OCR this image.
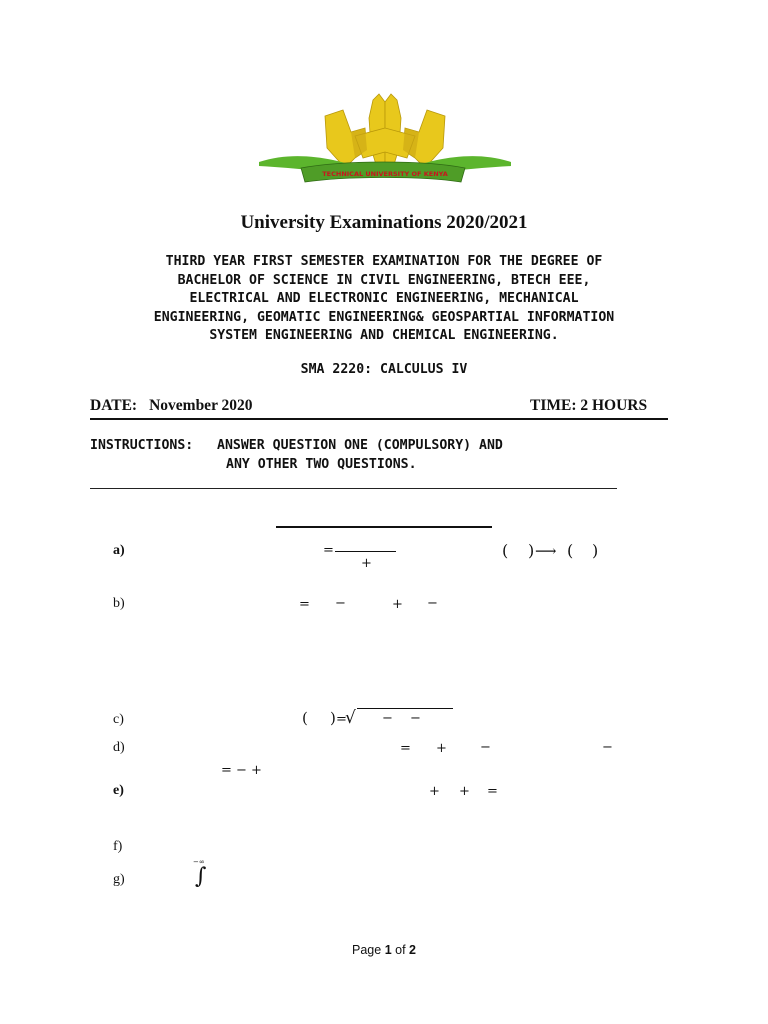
TECHNICAL UNIVERSITY OF KENYA
University Examinations 2020/2021
THIRD YEAR FIRST SEMESTER EXAMINATION FOR THE DEGREE OF
BACHELOR OF SCIENCE IN CIVIL ENGINEERING, BTECH EEE,
ELECTRICAL AND ELECTRONIC ENGINEERING, MECHANICAL
ENGINEERING, GEOMATIC ENGINEERING& GEOSPARTIAL INFORMATION
SYSTEM ENGINEERING AND CHEMICAL ENGINEERING.
SMA 2220: CALCULUS IV
DATE: November 2020	TIME: 2 HOURS
INSTRUCTIONS: ANSWER QUESTION ONE (COMPULSORY) AND
ANY OTHER TWO QUESTIONS.
a)	=
+
( ) ⟶ ( )
b)	= −	+ −
c)	( ) =
√ − −
d)	= +	−	−
= − +
e)	+ + =
f)
g)
−∞
∫
Page 1 of 2
